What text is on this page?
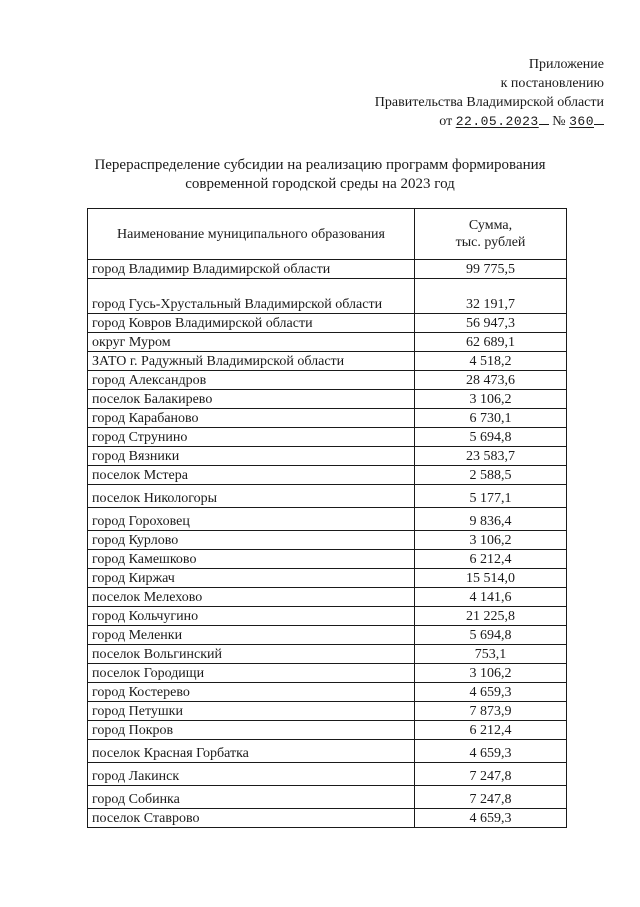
Приложение
к постановлению
Правительства Владимирской области
от 22.05.2023 № 360
Перераспределение субсидии на реализацию программ формирования
современной городской среды на 2023 год
Наименование муниципального образования	Сумма,
тыс. рублей

город Владимир Владимирской области	99 775,5
город Гусь-Хрустальный Владимирской области	32 191,7
город Ковров Владимирской области	56 947,3
округ Муром	62 689,1
ЗАТО г. Радужный Владимирской области	4 518,2
город Александров	28 473,6
поселок Балакирево	3 106,2
город Карабаново	6 730,1
город Струнино	5 694,8
город Вязники	23 583,7
поселок Мстера	2 588,5
поселок Никологоры	5 177,1
город Гороховец	9 836,4
город Курлово	3 106,2
город Камешково	6 212,4
город Киржач	15 514,0
поселок Мелехово	4 141,6
город Кольчугино	21 225,8
город Меленки	5 694,8
поселок Вольгинский	753,1
поселок Городищи	3 106,2
город Костерево	4 659,3
город Петушки	7 873,9
город Покров	6 212,4
поселок Красная Горбатка	4 659,3
город Лакинск	7 247,8
город Собинка	7 247,8
поселок Ставрово	4 659,3
